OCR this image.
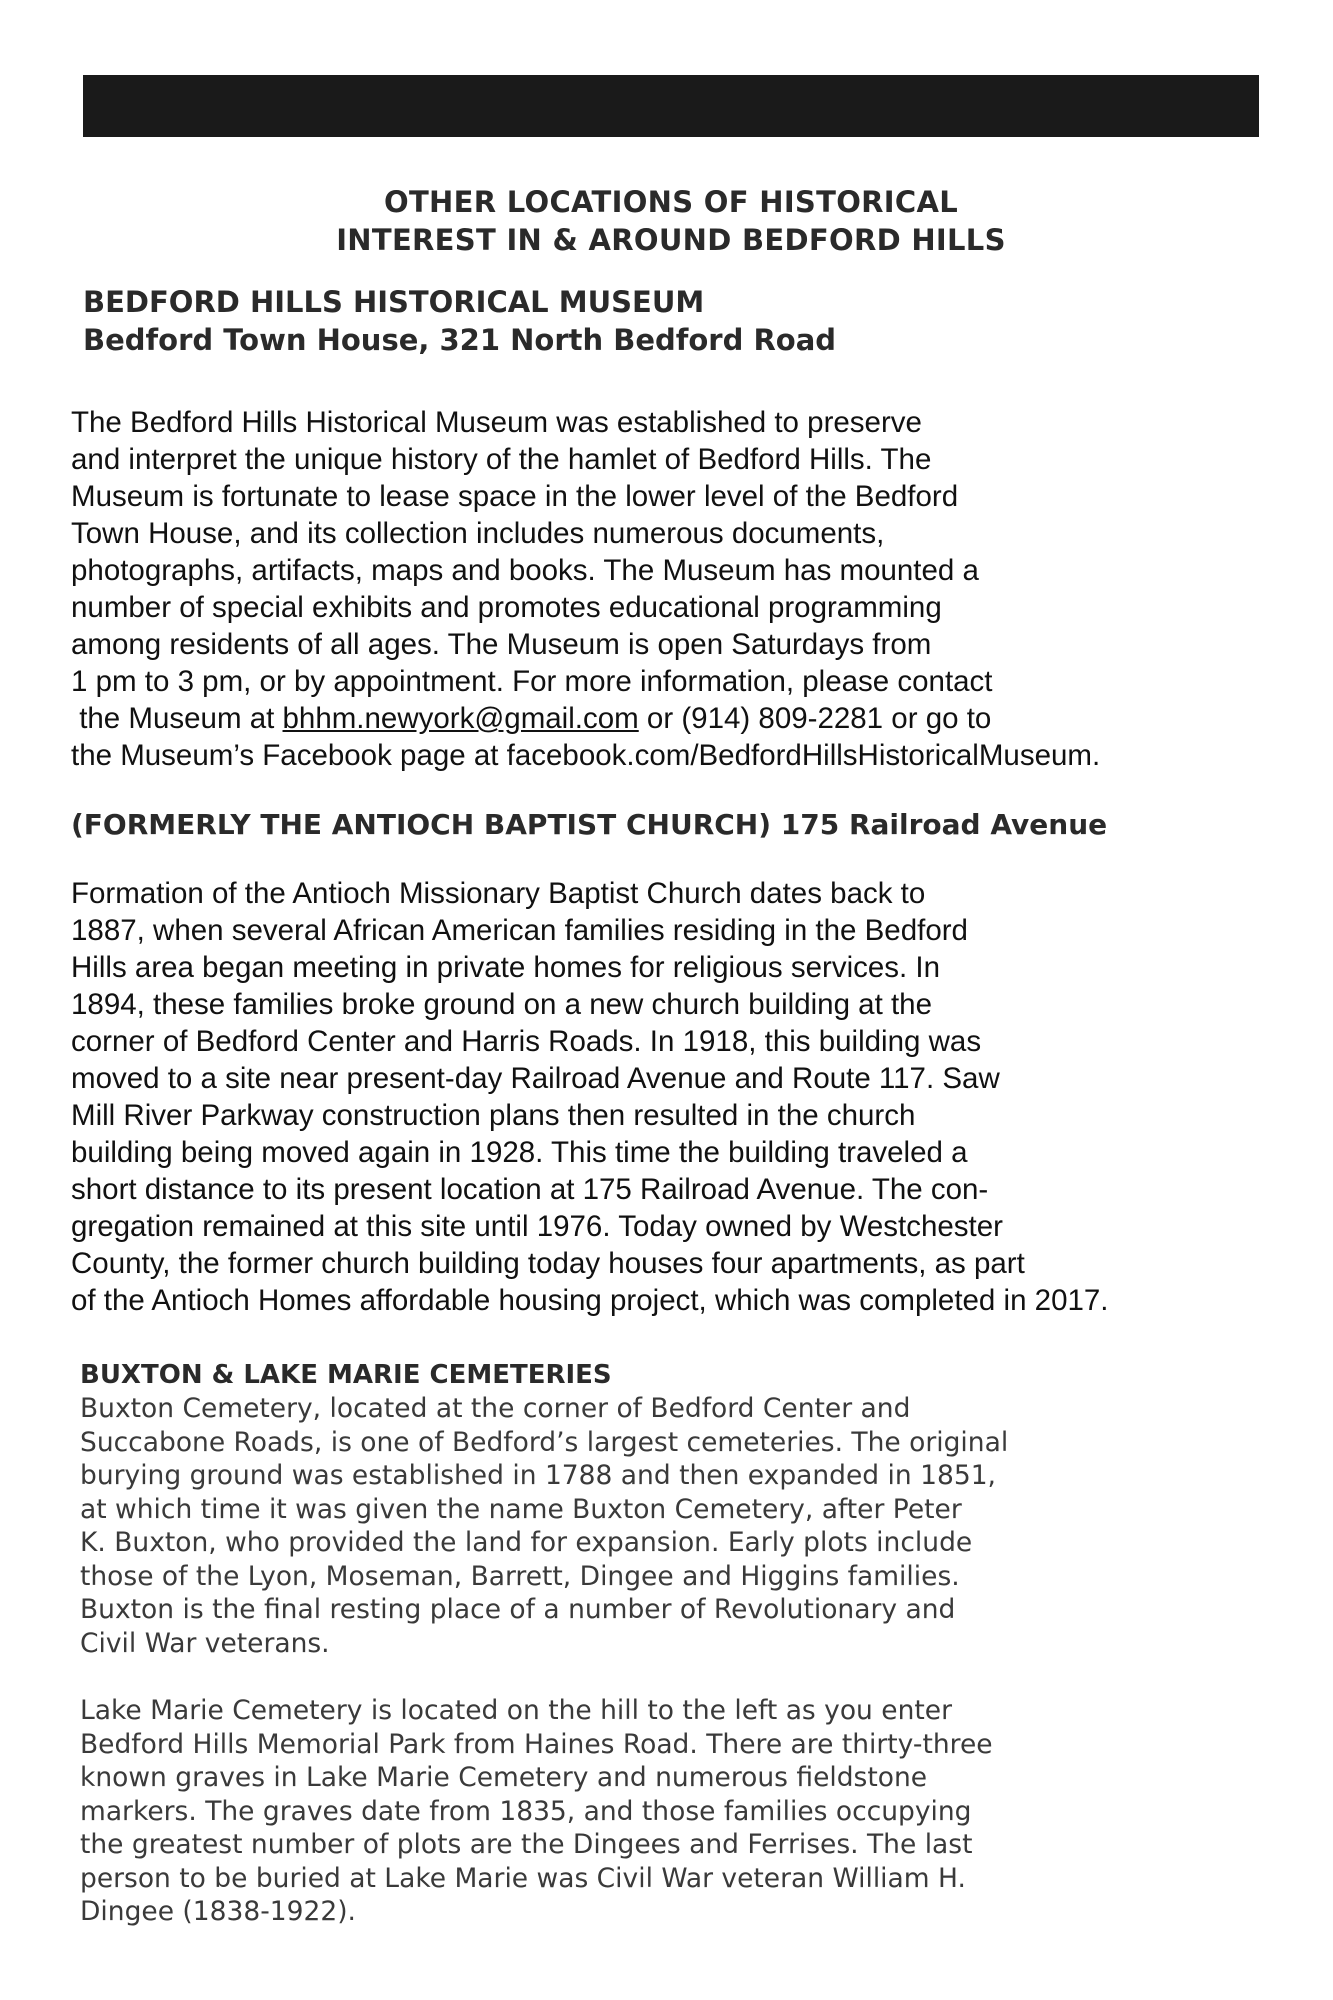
OTHER LOCATIONS OF HISTORICAL
INTEREST IN & AROUND BEDFORD HILLS
BEDFORD HILLS HISTORICAL MUSEUM
Bedford Town House, 321 North Bedford Road
The Bedford Hills Historical Museum was established to preserve
and interpret the unique history of the hamlet of Bedford Hills. The
Museum is fortunate to lease space in the lower level of the Bedford
Town House, and its collection includes numerous documents,
photographs, artifacts, maps and books. The Museum has mounted a
number of special exhibits and promotes educational programming
among residents of all ages. The Museum is open Saturdays from
1 pm to 3 pm, or by appointment. For more information, please contact
the Museum at bhhm.newyork@gmail.com or (914) 809-2281 or go to
the Museum’s Facebook page at facebook.com/BedfordHillsHistoricalMuseum.
(FORMERLY THE ANTIOCH BAPTIST CHURCH) 175 Railroad Avenue
Formation of the Antioch Missionary Baptist Church dates back to
1887, when several African American families residing in the Bedford
Hills area began meeting in private homes for religious services. In
1894, these families broke ground on a new church building at the
corner of Bedford Center and Harris Roads. In 1918, this building was
moved to a site near present-day Railroad Avenue and Route 117. Saw
Mill River Parkway construction plans then resulted in the church
building being moved again in 1928. This time the building traveled a
short distance to its present location at 175 Railroad Avenue. The con-
gregation remained at this site until 1976. Today owned by Westchester
County, the former church building today houses four apartments, as part
of the Antioch Homes affordable housing project, which was completed in 2017.
BUXTON & LAKE MARIE CEMETERIES
Buxton Cemetery, located at the corner of Bedford Center and
Succabone Roads, is one of Bedford’s largest cemeteries. The original
burying ground was established in 1788 and then expanded in 1851,
at which time it was given the name Buxton Cemetery, after Peter
K. Buxton, who provided the land for expansion. Early plots include
those of the Lyon, Moseman, Barrett, Dingee and Higgins families.
Buxton is the final resting place of a number of Revolutionary and
Civil War veterans.
Lake Marie Cemetery is located on the hill to the left as you enter
Bedford Hills Memorial Park from Haines Road. There are thirty-three
known graves in Lake Marie Cemetery and numerous fieldstone
markers. The graves date from 1835, and those families occupying
the greatest number of plots are the Dingees and Ferrises. The last
person to be buried at Lake Marie was Civil War veteran William H.
Dingee (1838-1922).
